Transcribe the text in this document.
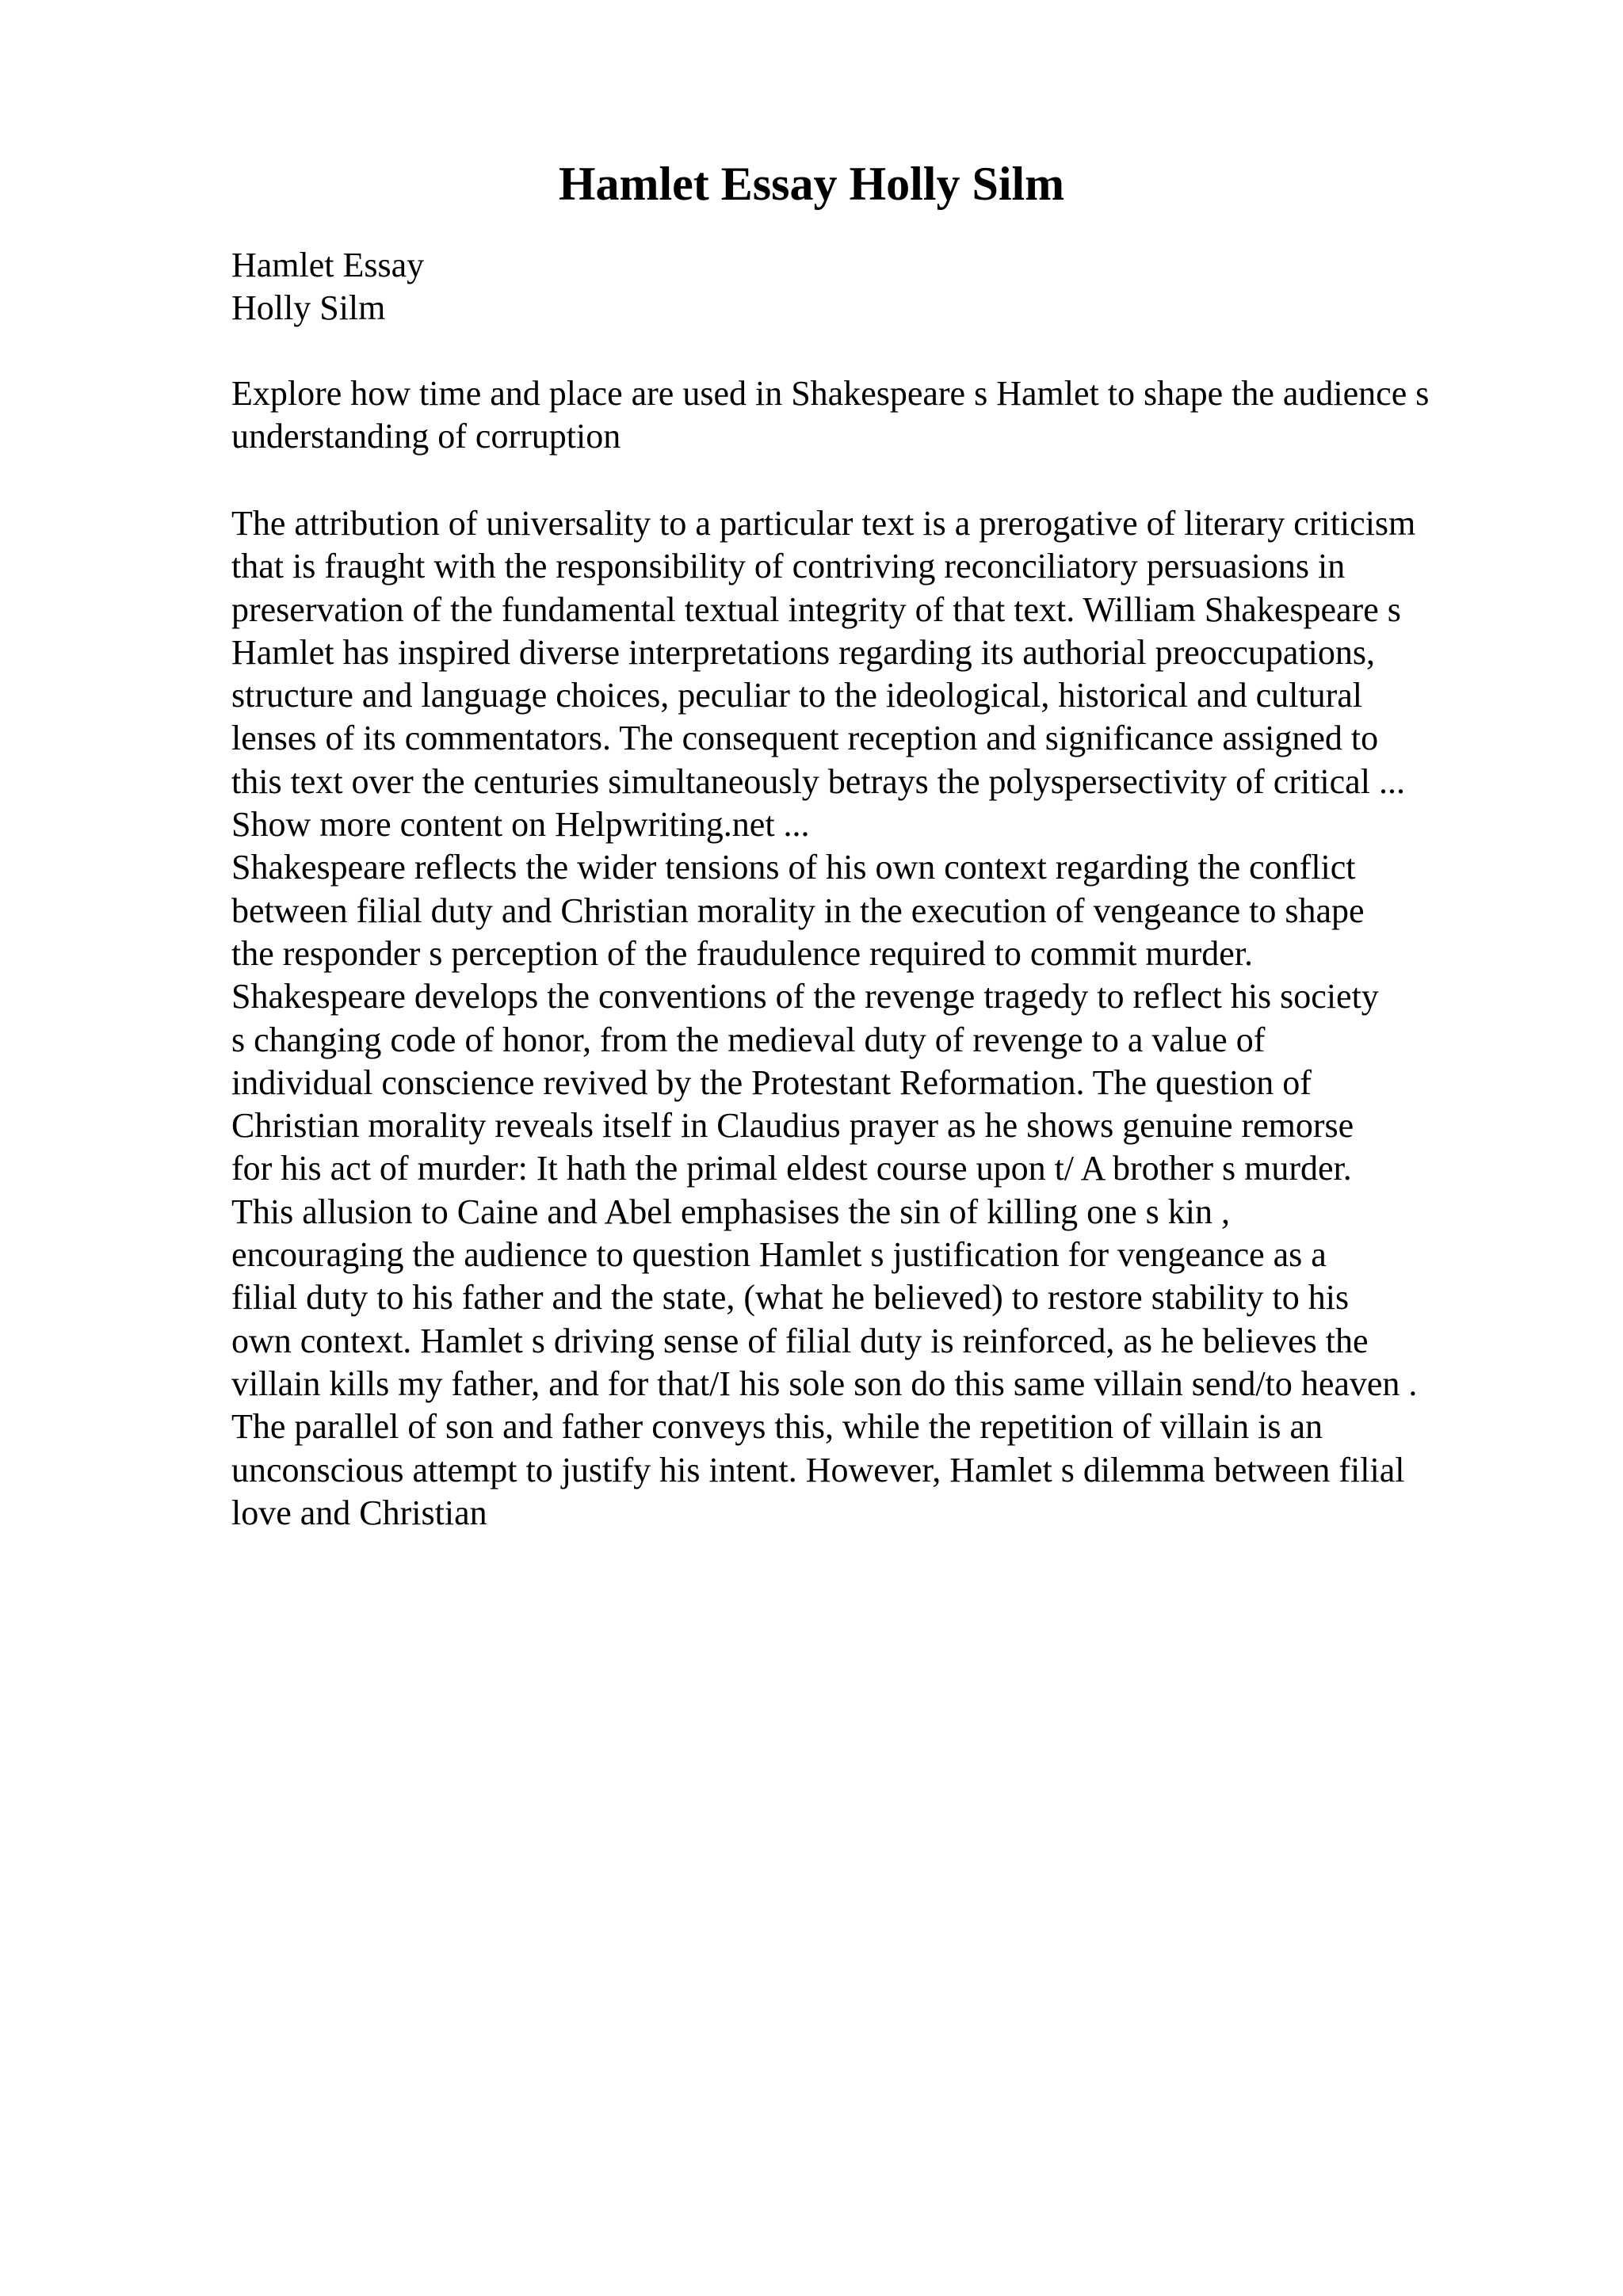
Hamlet Essay Holly Silm
Hamlet Essay
Holly Silm
Explore how time and place are used in Shakespeare s Hamlet to shape the audience s
understanding of corruption
The attribution of universality to a particular text is a prerogative of literary criticism
that is fraught with the responsibility of contriving reconciliatory persuasions in
preservation of the fundamental textual integrity of that text. William Shakespeare s
Hamlet has inspired diverse interpretations regarding its authorial preoccupations,
structure and language choices, peculiar to the ideological, historical and cultural
lenses of its commentators. The consequent reception and significance assigned to
this text over the centuries simultaneously betrays the polyspersectivity of critical ...
Show more content on Helpwriting.net ...
Shakespeare reflects the wider tensions of his own context regarding the conflict
between filial duty and Christian morality in the execution of vengeance to shape
the responder s perception of the fraudulence required to commit murder.
Shakespeare develops the conventions of the revenge tragedy to reflect his society
s changing code of honor, from the medieval duty of revenge to a value of
individual conscience revived by the Protestant Reformation. The question of
Christian morality reveals itself in Claudius prayer as he shows genuine remorse
for his act of murder: It hath the primal eldest course upon t/ A brother s murder.
This allusion to Caine and Abel emphasises the sin of killing one s kin ,
encouraging the audience to question Hamlet s justification for vengeance as a
filial duty to his father and the state, (what he believed) to restore stability to his
own context. Hamlet s driving sense of filial duty is reinforced, as he believes the
villain kills my father, and for that/I his sole son do this same villain send/to heaven .
The parallel of son and father conveys this, while the repetition of villain is an
unconscious attempt to justify his intent. However, Hamlet s dilemma between filial
love and Christian
